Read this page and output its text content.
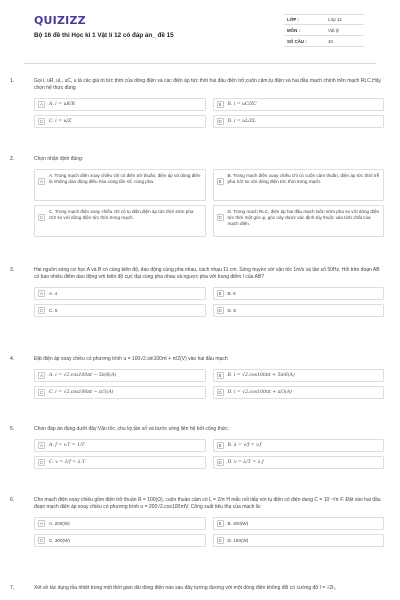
QUIZIZZ
Bộ 16 đề thi Học kì 1 Vật lí 12 có đáp án_ đề 15
LỚP :	Lớp 12
MÔN :	Vật lý
SỐ CÂU :	40
1.	Gọi i, uR, uL, uC, u là các giá trị tức thời của dòng điện và các điện áp tức thời hai đầu điện trở,cuộn cảm,tụ điện và hai đầu mạch chính trên mạch RLC.Hãy chọn hệ thức đúng
A	A. i = uR/R	B	B. i = uC/ZC
C	C. i = u/Z	D	D. i = uL/ZL
2.	Chọn nhận định đúng:
A
A. Trong mạch điện xoay chiều chỉ có điện trở thuần, điện áp và dòng điện là những dao động điều hòa cùng tần số, cùng pha.	B
B. Trong mạch điện xoay chiều chỉ có cuộn cảm thuần, điện áp tức thời trễ pha π/2 so với dòng điện tức thời trong mạch.
C
C. Trong mạch điện xoay chiều chỉ có tụ điện,điện áp tức thời sớm pha π/2 so với dòng điện tức thời trong mạch.	D
D. Trong mạch RLC, điện áp hai đầu mạch luôn sớm pha so với dòng điện tức thời một góc φ, góc này được xác định tùy thuộc vào tính chất của mạch điện.
3.	Hai nguồn sóng cơ học A và B có cùng biên độ, dao động cùng pha nhau, cách nhau 11 cm. Sóng truyền với vận tốc 1m/s và tần số 50Hz. Hỏi trên đoạn AB có bao nhiêu điểm dao động với biên độ cực đại cùng pha nhau và ngược pha với trung điểm I của AB?
A	A. 4	B	B. 6
C	C. 5	D	D. 8
4.	Đặt điện áp xoay chiều có phương trình u = 100√2.sin100πt + π/2(V) vào hai đầu mạch
A	A. i = √2.cos100πt − 5π/6(A)	B	B. i = √2.cos100πt + 5π/6(A)
C	C. i = √2.cos100πt − π/3(A)	D	D. i = √2.cos100πt + π/3(A)
5.	Chọn đáp án đúng dưới đây:Vận tốc ,chu kỳ,tần số và bước sóng liên hệ bởi công thức:
A	A. f = v.T = 1/T	B	B. λ = v/f = v.f
C	C. v = 1/f = λ.T	D	D. v = λ/T = λ.f
6.	Cho mạch điện xoay chiều gồm điện trở thuần R = 100(Ω), cuộn thuần cảm có L = 2/π H mắc nối tiếp với tụ điện có điện dung C = 10⁻⁴/π F. Đặt vào hai đầu đoạn mạch điện áp xoay chiều có phương trình u = 200√2.cos100πtV. Công suất tiêu thụ của mạch là:
A	A. 200(W)	B	B. 400(W)
C	C. 300(W)	D	D. 150(W)
7.	Xét về tác dụng tỏa nhiệt trong một thời gian dài dòng điện nào sau đây tương đương với một dòng điện không đổi có cường độ I = √2I₀
